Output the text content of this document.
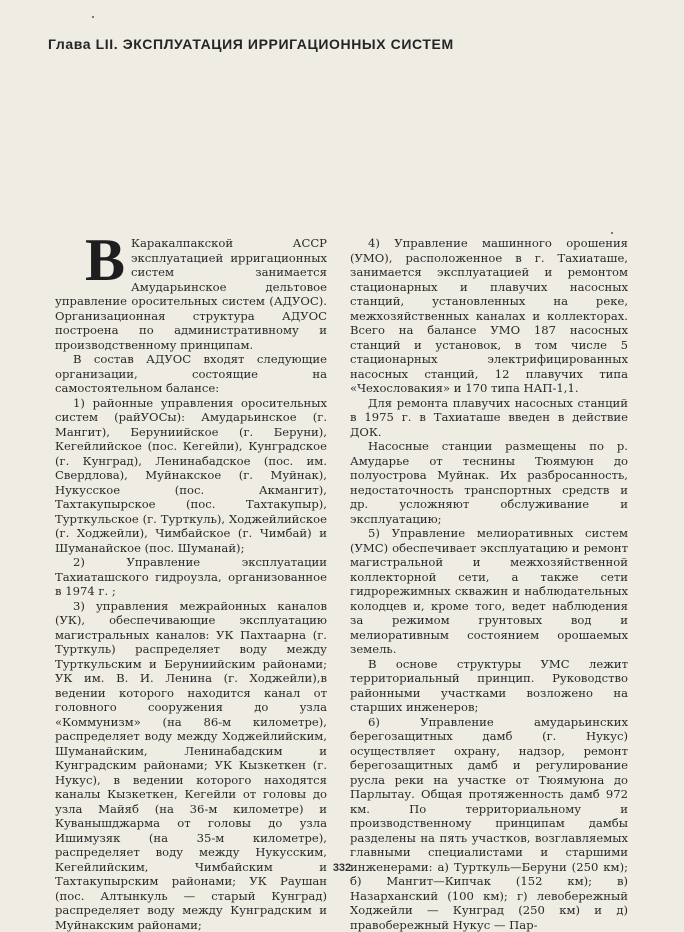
Глава LII. ЭКСПЛУАТАЦИЯ ИРРИГАЦИОННЫХ СИСТЕМ
В Каракалпакской АССР эксплуатацией ирригационных систем занимается Амударьинское дельтовое управление оросительных систем (АДУОС). Организационная структура АДУОС построена по административному и производственному принципам.

В состав АДУОС входят следующие организации, состоящие на самостоятельном балансе:

1) районные управления оросительных систем (райУОСы): Амударьинское (г. Мангит), Беруниийское (г. Беруни), Кегейлийское (пос. Кегейли), Кунградское (г. Кунград), Ленинабадское (пос. им. Свердлова), Муйнакское (г. Муйнак), Нукусское (пос. Акмангит), Тахтакупырское (пос. Тахтакупыр), Турткульское (г. Турткуль), Ходжейлийское (г. Ходжейли), Чимбайское (г. Чимбай) и Шуманайское (пос. Шуманай);

2) Управление эксплуатации Тахиаташского гидроузла, организованное в 1974 г. ;

3) управления межрайонных каналов (УК), обеспечивающие эксплуатацию магистральных каналов: УК Пахтаарна (г. Турткуль) распределяет воду между Турткульским и Беруниийским районами; УК им. В. И. Ленина (г. Ходжейли),в ведении которого находится канал от головного сооружения до узла «Коммунизм» (на 86-м километре), распределяет воду между Ходжейлийским, Шуманайским, Ленинабадским и Кунградским районами; УК Кызкеткен (г. Нукус), в ведении которого находятся каналы Кызкеткен, Кегейли от головы до узла Майяб (на 36-м километре) и Куванышджарма от головы до узла Ишимузяк (на 35-м километре), распределяет воду между Нукусским, Кегейлийским, Чимбайским и Тахтакупырским районами; УК Раушан (пос. Алтынкуль — старый Кунград) распределяет воду между Кунградским и Муйнакским районами;

4) Управление машинного орошения (УМО), расположенное в г. Тахиаташе, занимается эксплуатацией и ремонтом стационарных и плавучих насосных станций, установленных на реке, межхозяйственных каналах и коллекторах. Всего на балансе УМО 187 насосных станций и установок, в том числе 5 стационарных электрифицированных насосных станций, 12 плавучих типа «Чехословакия» и 170 типа НАП-1,1.

Для ремонта плавучих насосных станций в 1975 г. в Тахиаташе введен в действие ДОК.

Насосные станции размещены по р. Амударье от теснины Тюямуюн до полуострова Муйнак. Их разбросанность, недостаточность транспортных средств и др. усложняют обслуживание и эксплуатацию;

5) Управление мелиоративных систем (УМС) обеспечивает эксплуатацию и ремонт магистральной и межхозяйственной коллекторной сети, а также сети гидрорежимных скважин и наблюдательных колодцев и, кроме того, ведет наблюдения за режимом грунтовых вод и мелиоративным состоянием орошаемых земель.

В основе структуры УМС лежит территориальный принцип. Руководство районными участками возложено на старших инженеров;

6) Управление амударьинских берегозащитных дамб (г. Нукус) осуществляет охрану, надзор, ремонт берегозащитных дамб и регулирование русла реки на участке от Тюямуюна до Парлытау. Общая протяженность дамб 972 км. По территориальному и производственному принципам дамбы разделены на пять участков, возглавляемых главными специалистами и старшими инженерами: а) Турткуль—Беруни (250 км); б) Мангит—Кипчак (152 км); в) Назарханский (100 км); г) левобережный Ходжейли — Кунград (250 км) и д) правобережный Нукус — Пар-

332
